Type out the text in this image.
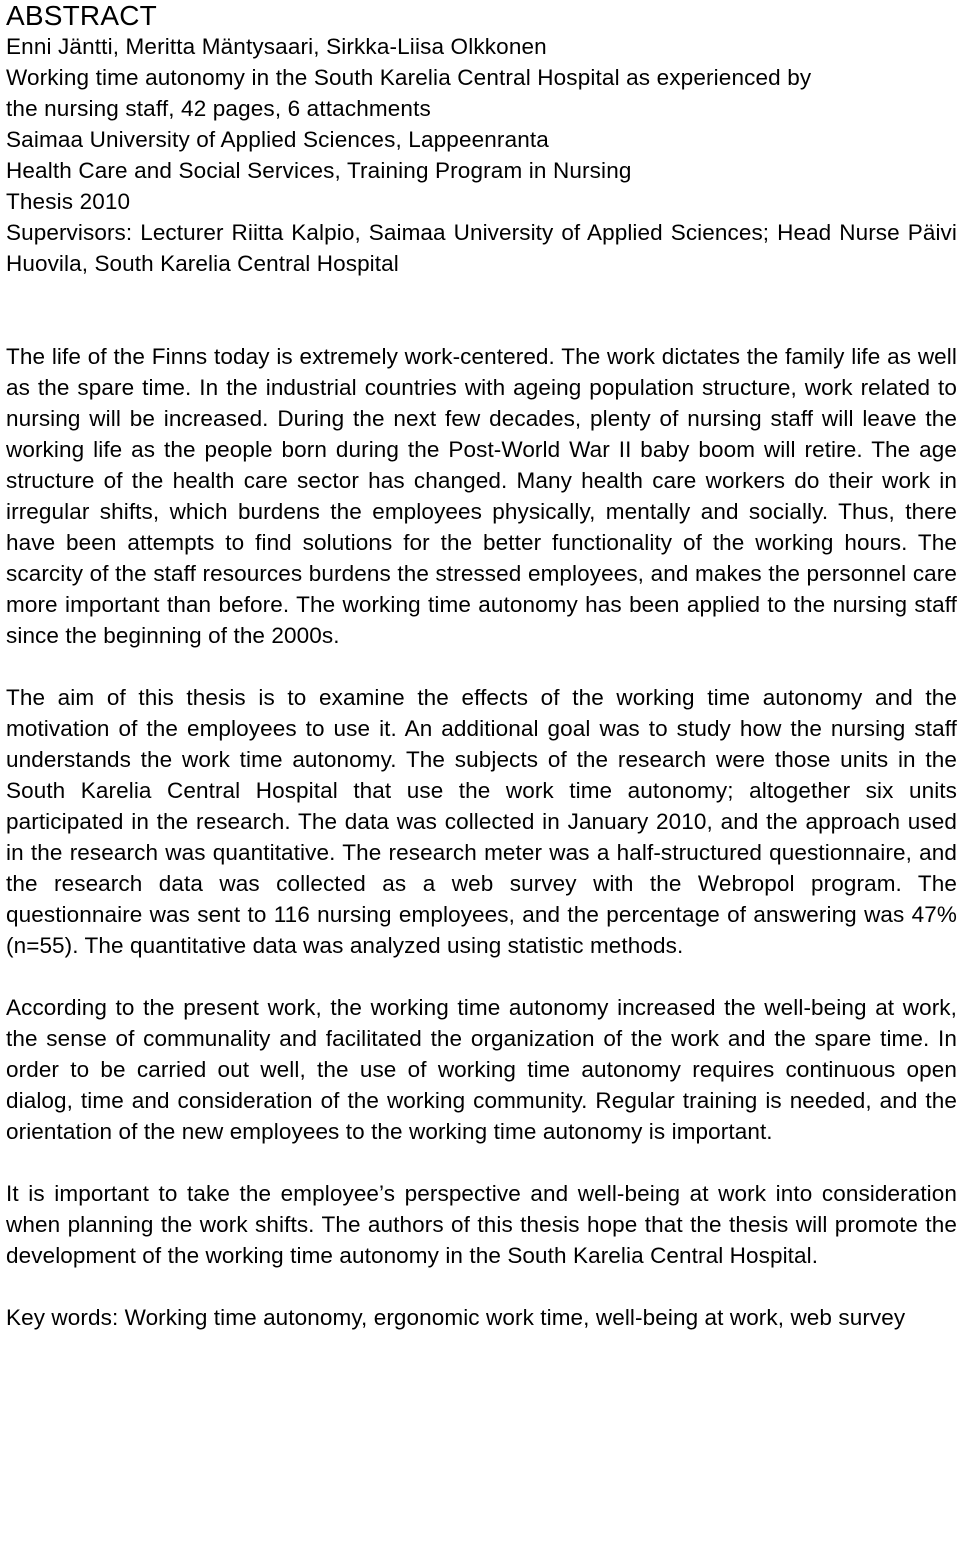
ABSTRACT
Enni Jäntti, Meritta Mäntysaari, Sirkka-Liisa Olkkonen
Working time autonomy in the South Karelia Central Hospital as experienced by
the nursing staff, 42 pages, 6 attachments
Saimaa University of Applied Sciences, Lappeenranta
Health Care and Social Services, Training Program in Nursing
Thesis 2010
Supervisors: Lecturer Riitta Kalpio, Saimaa University of Applied Sciences; Head Nurse Päivi Huovila, South Karelia Central Hospital

The life of the Finns today is extremely work-centered. The work dictates the family life as well as the spare time. In the industrial countries with ageing population structure, work related to nursing will be increased. During the next few decades, plenty of nursing staff will leave the working life as the people born during the Post-World War II baby boom will retire. The age structure of the health care sector has changed. Many health care workers do their work in irregular shifts, which burdens the employees physically, mentally and socially. Thus, there have been attempts to find solutions for the better functionality of the working hours. The scarcity of the staff resources burdens the stressed employees, and makes the personnel care more important than before. The working time autonomy has been applied to the nursing staff since the beginning of the 2000s.

The aim of this thesis is to examine the effects of the working time autonomy and the motivation of the employees to use it. An additional goal was to study how the nursing staff understands the work time autonomy. The subjects of the research were those units in the South Karelia Central Hospital that use the work time autonomy; altogether six units participated in the research. The data was collected in January 2010, and the approach used in the research was quantitative. The research meter was a half-structured questionnaire, and the research data was collected as a web survey with the Webropol program. The questionnaire was sent to 116 nursing employees, and the percentage of answering was 47% (n=55). The quantitative data was analyzed using statistic methods.

According to the present work, the working time autonomy increased the well-being at work, the sense of communality and facilitated the organization of the work and the spare time. In order to be carried out well, the use of working time autonomy requires continuous open dialog, time and consideration of the working community. Regular training is needed, and the orientation of the new employees to the working time autonomy is important.

It is important to take the employee’s perspective and well-being at work into consideration when planning the work shifts. The authors of this thesis hope that the thesis will promote the development of the working time autonomy in the South Karelia Central Hospital.

Key words: Working time autonomy, ergonomic work time, well-being at work, web survey
